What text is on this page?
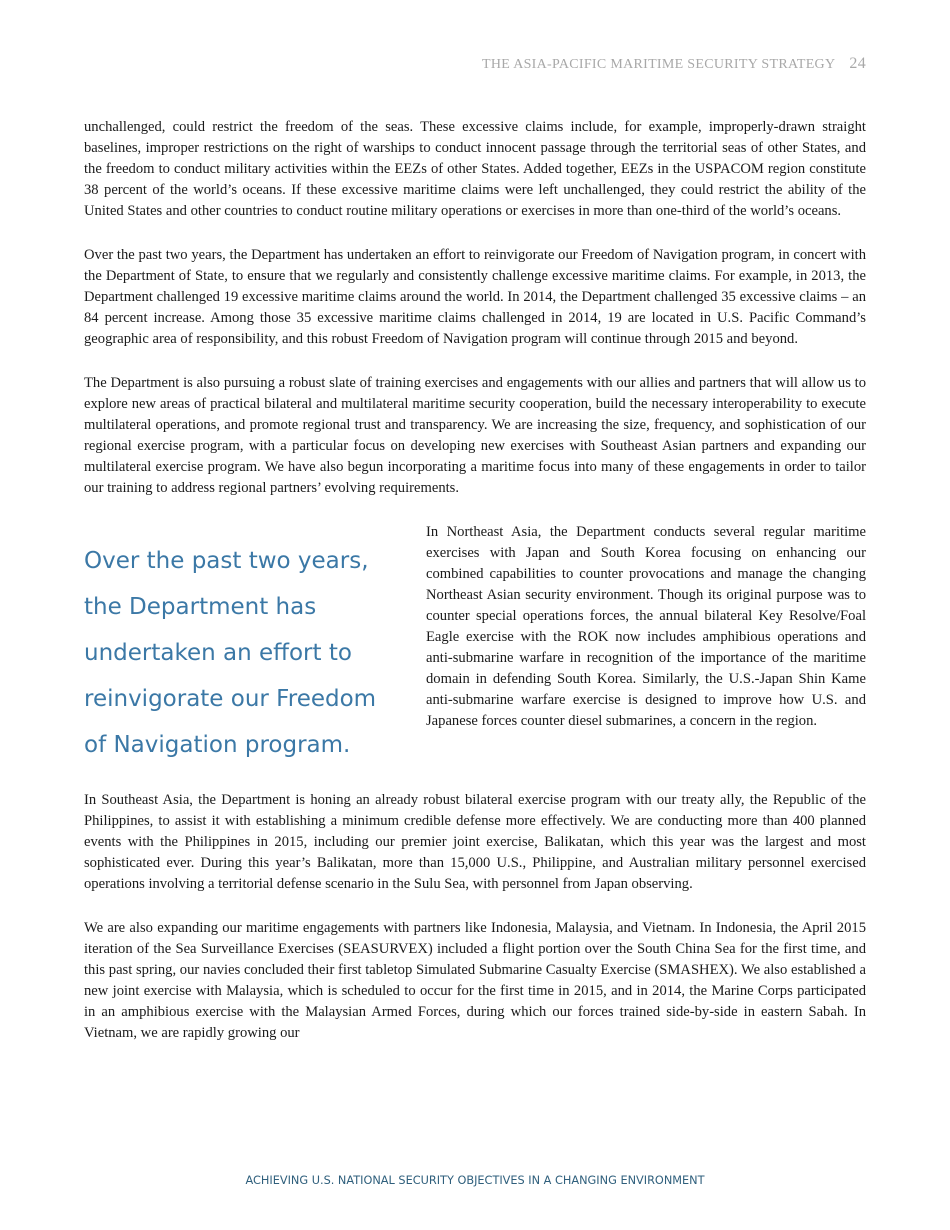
THE ASIA-PACIFIC MARITIME SECURITY STRATEGY 24

unchallenged, could restrict the freedom of the seas. These excessive claims include, for example, improperly-drawn straight baselines, improper restrictions on the right of warships to conduct innocent passage through the territorial seas of other States, and the freedom to conduct military activities within the EEZs of other States. Added together, EEZs in the USPACOM region constitute 38 percent of the world’s oceans. If these excessive maritime claims were left unchallenged, they could restrict the ability of the United States and other countries to conduct routine military operations or exercises in more than one-third of the world’s oceans.

Over the past two years, the Department has undertaken an effort to reinvigorate our Freedom of Navigation program, in concert with the Department of State, to ensure that we regularly and consistently challenge excessive maritime claims. For example, in 2013, the Department challenged 19 excessive maritime claims around the world. In 2014, the Department challenged 35 excessive claims – an 84 percent increase. Among those 35 excessive maritime claims challenged in 2014, 19 are located in U.S. Pacific Command’s geographic area of responsibility, and this robust Freedom of Navigation program will continue through 2015 and beyond.

The Department is also pursuing a robust slate of training exercises and engagements with our allies and partners that will allow us to explore new areas of practical bilateral and multilateral maritime security cooperation, build the necessary interoperability to execute multilateral operations, and promote regional trust and transparency. We are increasing the size, frequency, and sophistication of our regional exercise program, with a particular focus on developing new exercises with Southeast Asian partners and expanding our multilateral exercise program. We have also begun incorporating a maritime focus into many of these engagements in order to tailor our training to address regional partners’ evolving requirements.

Over the past two years, the Department has undertaken an effort to reinvigorate our Freedom of Navigation program.

In Northeast Asia, the Department conducts several regular maritime exercises with Japan and South Korea focusing on enhancing our combined capabilities to counter provocations and manage the changing Northeast Asian security environment. Though its original purpose was to counter special operations forces, the annual bilateral Key Resolve/Foal Eagle exercise with the ROK now includes amphibious operations and anti-submarine warfare in recognition of the importance of the maritime domain in defending South Korea. Similarly, the U.S.-Japan Shin Kame anti-submarine warfare exercise is designed to improve how U.S. and Japanese forces counter diesel submarines, a concern in the region.

In Southeast Asia, the Department is honing an already robust bilateral exercise program with our treaty ally, the Republic of the Philippines, to assist it with establishing a minimum credible defense more effectively. We are conducting more than 400 planned events with the Philippines in 2015, including our premier joint exercise, Balikatan, which this year was the largest and most sophisticated ever. During this year’s Balikatan, more than 15,000 U.S., Philippine, and Australian military personnel exercised operations involving a territorial defense scenario in the Sulu Sea, with personnel from Japan observing.

We are also expanding our maritime engagements with partners like Indonesia, Malaysia, and Vietnam. In Indonesia, the April 2015 iteration of the Sea Surveillance Exercises (SEASURVEX) included a flight portion over the South China Sea for the first time, and this past spring, our navies concluded their first tabletop Simulated Submarine Casualty Exercise (SMASHEX). We also established a new joint exercise with Malaysia, which is scheduled to occur for the first time in 2015, and in 2014, the Marine Corps participated in an amphibious exercise with the Malaysian Armed Forces, during which our forces trained side-by-side in eastern Sabah. In Vietnam, we are rapidly growing our

ACHIEVING U.S. NATIONAL SECURITY OBJECTIVES IN A CHANGING ENVIRONMENT
